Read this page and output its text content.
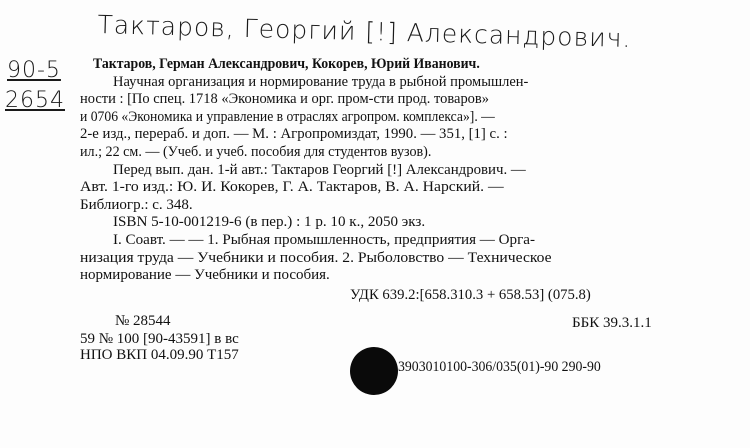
Тактаров, Георгий [!] Александрович.
90-5
2654
Тактаров, Герман Александрович, Кокорев, Юрий Иванович.
Научная организация и нормирование труда в рыбной промышлен-
ности : [По спец. 1718 «Экономика и орг. пром-сти прод. товаров»
и 0706 «Экономика и управление в отраслях агропром. комплекса»]. —
2-е изд., перераб. и доп. — М. : Агропромиздат, 1990. — 351, [1] с. :
ил.; 22 см. — (Учеб. и учеб. пособия для студентов вузов).
Перед вып. дан. 1-й авт.: Тактаров Георгий [!] Александрович. —
Авт. 1-го изд.: Ю. И. Кокорев, Г. А. Тактаров, В. А. Нарский. —
Библиогр.: с. 348.
ISBN 5-10-001219-6 (в пер.) : 1 р. 10 к., 2050 экз.
I. Соавт. — — 1. Рыбная промышленность, предприятия — Орга-
низация труда — Учебники и пособия. 2. Рыболовство — Техническое
нормирование — Учебники и пособия.
УДК 639.2:[658.310.3 + 658.53] (075.8)
№ 28544	ББК 39.3.1.1
59 № 100 [90-43591] в вс
НПО ВКП 04.09.90 Т157
3903010100-306/035(01)-90 290-90
